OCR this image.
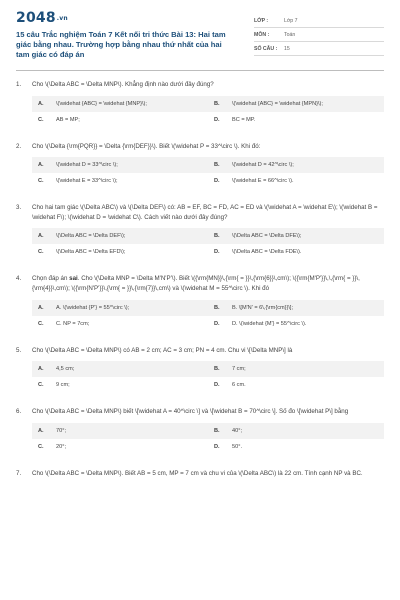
2048.vn
15 câu Trắc nghiệm Toán 7 Kết nối tri thức Bài 13: Hai tam giác bằng nhau. Trường hợp bằng nhau thứ nhất của hai tam giác có đáp án
LỚP :	Lớp 7
MÔN :	Toán
SỐ CÂU :	15
1.	Cho \(\Delta ABC = \Delta MNP\). Khẳng định nào dưới đây đúng?
A.	\(\widehat {ABC} = \widehat {MNP}\);	B.	\(\widehat {ABC} = \widehat {MPN}\);
C.	AB = MP;	D.	BC = MP.
2.	Cho \(\Delta {\rm{PQR}} = \Delta {\rm{DEF}}\). Biết \(\widehat P = 33^\circ \). Khi đó:
A.	\(\widehat D = 33^\circ \);	B.	\(\widehat D = 42^\circ \);
C.	\(\widehat E = 33^\circ \);	D.	\(\widehat E = 66^\circ \).
3.	Cho hai tam giác \(\Delta ABC\) và \(\Delta DEF\) có: AB = EF, BC = FD, AC = ED và \(\widehat A = \widehat E\); \(\widehat B = \widehat F\); \(\widehat D = \widehat C\). Cách viết nào dưới đây đúng?
A.	\(\Delta ABC = \Delta DEF\);	B.	\(\Delta ABC = \Delta DFE\);
C.	\(\Delta ABC = \Delta EFD\);	D.	\(\Delta ABC = \Delta FDE\).
4.	Chọn đáp án sai. Cho \(\Delta MNP = \Delta M'N'P'\). Biết \({\rm{MN}}\,{\rm{ = }}\,{\rm{6}}\,cm\); \({\rm{M'P'}}\,\,{\rm{ = }}\,{\rm{4}}\,cm\); \({\rm{N'P'}}\,{\rm{ = }}\,{\rm{7}}\,cm\) và \(\widehat M = 55^\circ \). Khi đó
A.	A. \(\widehat {P'} = 55^\circ \);	B.	B. \[M'N' = 6\,{\rm{cm}}\];
C.	C. NP = 7cm;	D.	D. \(\widehat {M'} = 55^\circ \).
5.	Cho \(\Delta ABC = \Delta MNP\) có AB = 2 cm; AC = 3 cm; PN = 4 cm. Chu vi \[\Delta MNP\] là
A.	4,5 cm;	B.	7 cm;
C.	9 cm;	D.	6 cm.
6.	Cho \(\Delta ABC = \Delta MNP\) biết \[\widehat A = 40^\circ \] và \[\widehat B = 70^\circ \]. Số đo \[\widehat P\] bằng
A.	70°;	B.	40°;
C.	20°;	D.	50°.
7.	Cho \(\Delta ABC = \Delta MNP\). Biết AB = 5 cm, MP = 7 cm và chu vi của \(\Delta ABC\) là 22 cm. Tính cạnh NP và BC.
